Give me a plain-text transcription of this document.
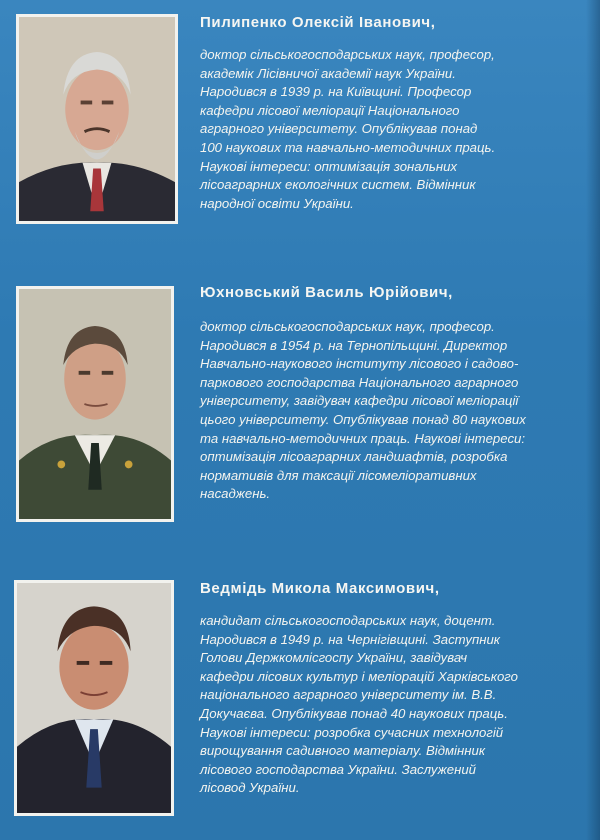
Пилипенко Олексій Іванович,
доктор сільськогосподарських наук, професор,
академік Лісівничої академії наук України.
Народився в 1939 р. на Київщині. Професор
кафедри лісової меліорації Національного
аграрного університету. Опублікував понад
100 наукових та навчально-методичних праць.
Наукові інтереси: оптимізація зональних
лісоаграрних екологічних систем. Відмінник
народної освіти України.
Юхновський Василь Юрійович,
доктор сільськогосподарських наук, професор.
Народився в 1954 р. на Тернопільщині. Директор
Навчально-наукового інституту лісового і садово-
паркового господарства Національного аграрного
університету, завідувач кафедри лісової меліорації
цього університету. Опублікував понад 80 наукових
та навчально-методичних праць. Наукові інтереси:
оптимізація лісоаграрних ландшафтів, розробка
нормативів для таксації лісомеліоративних
насаджень.
Ведмідь Микола Максимович,
кандидат сільськогосподарських наук, доцент.
Народився в 1949 р. на Чернігівщині. Заступник
Голови Держкомлісгоспу України, завідувач
кафедри лісових культур і меліорацій Харківського
національного аграрного університету ім. В.В.
Докучаєва. Опублікував понад 40 наукових праць.
Наукові інтереси: розробка сучасних технологій
вирощування садивного матеріалу. Відмінник
лісового господарства України. Заслужений
лісовод України.
